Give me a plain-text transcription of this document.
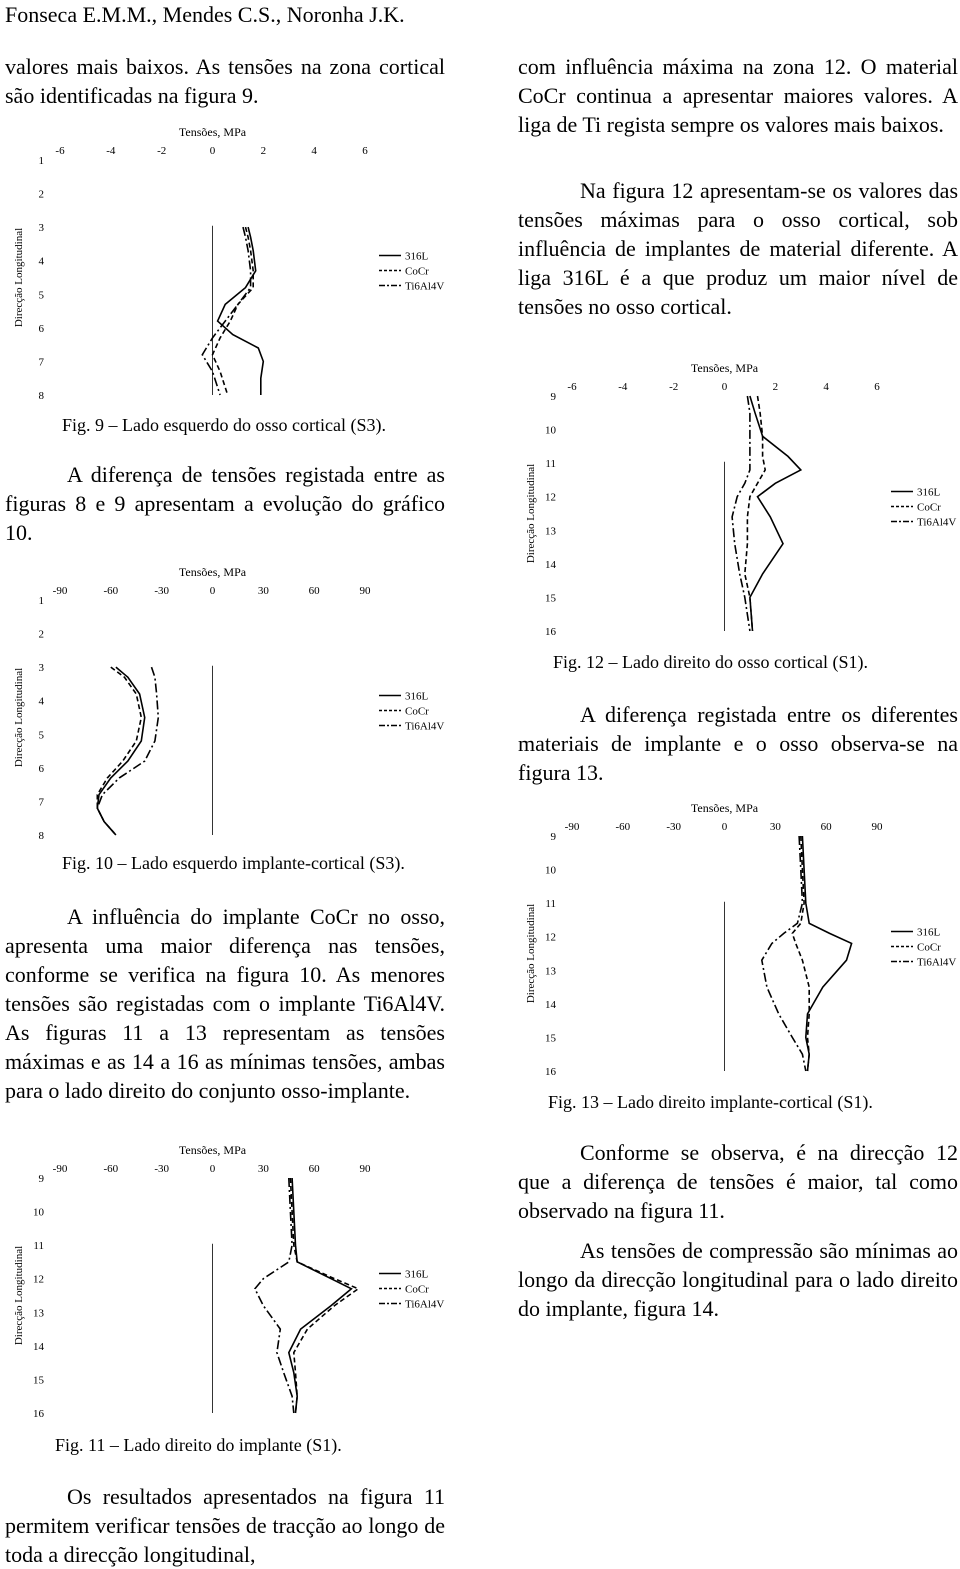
Fonseca E.M.M., Mendes C.S., Noronha J.K.
valores mais baixos. As tensões na zona cortical são identificadas na figura 9.
A diferença de tensões registada entre as figuras 8 e 9 apresentam a evolução do gráfico 10.
A influência do implante CoCr no osso, apresenta uma maior diferença nas tensões, conforme se verifica na figura 10. As menores tensões são registadas com o implante Ti6Al4V. As figuras 11 a 13 representam as tensões máximas e as 14 a 16 as mínimas tensões, ambas para o lado direito do conjunto osso-implante.
Os resultados apresentados na figura 11 permitem verificar tensões de tracção ao longo de toda a direcção longitudinal,
com influência máxima na zona 12. O material CoCr continua a apresentar maiores valores. A liga de Ti regista sempre os valores mais baixos.
Na figura 12 apresentam-se os valores das tensões máximas para o osso cortical, sob influência de implantes de material diferente. A liga 316L é a que produz um maior nível de tensões no osso cortical.
A diferença registada entre os diferentes materiais de implante e o osso observa-se na figura 13.
Conforme se observa, é na direcção 12 que a diferença de tensões é maior, tal como observado na figura 11.
As tensões de compressão são mínimas ao longo da direcção longitudinal para o lado direito do implante, figura 14.
Fig. 9 – Lado esquerdo do osso cortical (S3).
Fig. 10 – Lado esquerdo implante-cortical (S3).
Fig. 11 – Lado direito do implante (S1).
Fig. 12 – Lado direito do osso cortical (S1).
Fig. 13 – Lado direito implante-cortical (S1).
Tensões, MPa
-6	-4	-2	0	2	4	6
1
2
3
4
5
6
7
8
Direcção Longitudinal	316L
CoCr
Ti6Al4V
Tensões, MPa
-90	-60	-30	0	30	60	90
1
2
3
4
5
6
7
8
Direcção Longitudinal	316L
CoCr
Ti6Al4V
Tensões, MPa
-90	-60	-30	0	30	60	90
9
10
11
12
13
14
15
16
Direcção Longitudinal	316L
CoCr
Ti6Al4V
Tensões, MPa
-6	-4	-2	0	2	4	6
9
10
11
12
13
14
15
16
Direcção Longitudinal	316L
CoCr
Ti6Al4V
Tensões, MPa
-90	-60	-30	0	30	60	90
9
10
11
12
13
14
15
16
Direcção Longitudinal	316L
CoCr
Ti6Al4V
